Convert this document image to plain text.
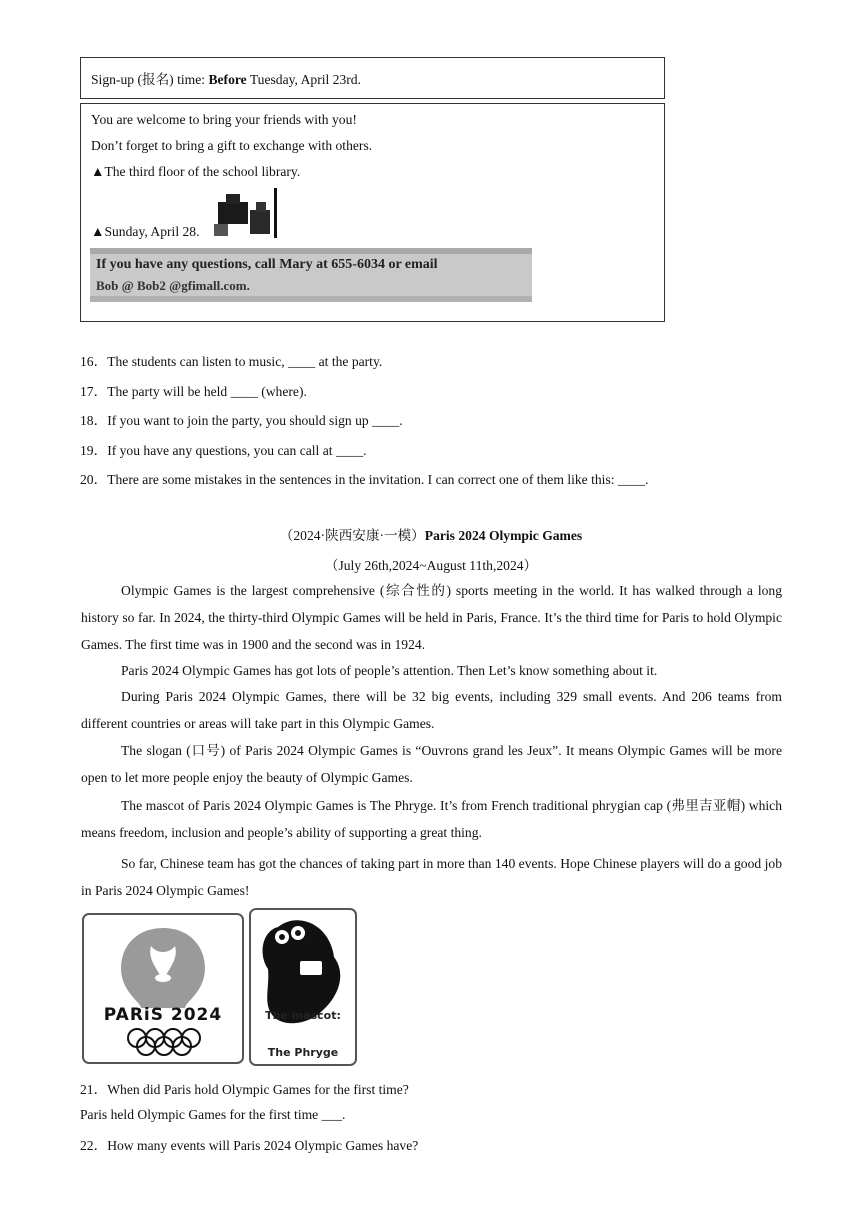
Sign-up (报名) time: Before Tuesday, April 23rd.
You are welcome to bring your friends with you!
Don’t forget to bring a gift to exchange with others.
▲The third floor of the school library.
▲Sunday, April 28.
If you have any questions, call Mary at 655-6034 or email
Bob @ Bob2 @gfimall.com.
16．The students can listen to music, ____ at the party.
17．The party will be held ____ (where).
18．If you want to join the party, you should sign up ____.
19．If you have any questions, you can call at ____.
20．There are some mistakes in the sentences in the invitation. I can correct one of them like this: ____.
（2024·陕西安康·一模）Paris 2024 Olympic Games
（July 26th,2024~August 11th,2024）

Olympic Games is the largest comprehensive (综合性的) sports meeting in the world. It has walked through a long history so far. In 2024, the thirty-third Olympic Games will be held in Paris, France. It’s the third time for Paris to hold Olympic Games. The first time was in 1900 and the second was in 1924.

Paris 2024 Olympic Games has got lots of people’s attention. Then Let’s know something about it.

During Paris 2024 Olympic Games, there will be 32 big events, including 329 small events. And 206 teams from different countries or areas will take part in this Olympic Games.

The slogan (口号) of Paris 2024 Olympic Games is “Ouvrons grand les Jeux”. It means Olympic Games will be more open to let more people enjoy the beauty of Olympic Games.

The mascot of Paris 2024 Olympic Games is The Phryge. It’s from French traditional phrygian cap (弗里吉亚帽) which means freedom, inclusion and people’s ability of supporting a great thing.

So far, Chinese team has got the chances of taking part in more than 140 events. Hope Chinese players will do a good job in Paris 2024 Olympic Games!

PARiS 2024	The mascot:
The Phryge
21．When did Paris hold Olympic Games for the first time?
Paris held Olympic Games for the first time ___.
22．How many events will Paris 2024 Olympic Games have?
